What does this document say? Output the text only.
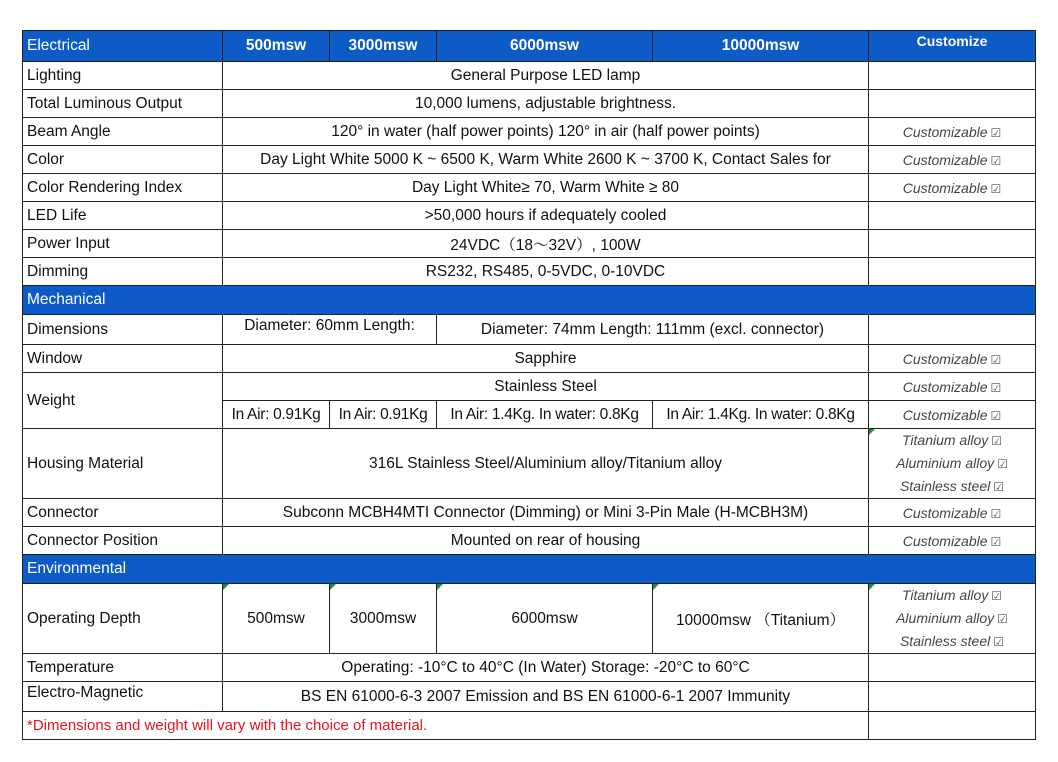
Electrical	500msw	3000msw	6000msw	10000msw	Customize
Lighting	General Purpose LED lamp				
Total Luminous Output	10,000 lumens, adjustable brightness.				
Beam Angle	120° in water (half power points) 120° in air (half power points)				Customizable ☑
Color	Day Light White 5000 K ~ 6500 K, Warm White 2600 K ~ 3700 K, Contact Sales for				Customizable ☑
Color Rendering Index	Day Light White≥ 70, Warm White ≥ 80				Customizable ☑
LED Life	>50,000 hours if adequately cooled				
Power Input	24VDC（18～32V）, 100W				
Dimming	RS232, RS485, 0-5VDC, 0-10VDC				
Mechanical					
Dimensions	Diameter: 60mm Length:		Diameter: 74mm Length: 111mm (excl. connector)		
Window	Sapphire				Customizable ☑
Weight	Stainless Steel				Customizable ☑
	In Air: 0.91Kg	In Air: 0.91Kg	In Air: 1.4Kg. In water: 0.8Kg	In Air: 1.4Kg. In water: 0.8Kg	Customizable ☑
Housing Material	316L Stainless Steel/Aluminium alloy/Titanium alloy				Titanium alloy ☑
Aluminium alloy ☑
Stainless steel ☑

Connector	Subconn MCBH4MTI Connector (Dimming) or Mini 3-Pin Male (H-MCBH3M)				Customizable ☑
Connector Position	Mounted on rear of housing				Customizable ☑
Environmental					
Operating Depth	500msw	3000msw	6000msw	10000msw （Titanium）	Titanium alloy ☑
Aluminium alloy ☑
Stainless steel ☑

Temperature	Operating: -10°C to 40°C (In Water) Storage: -20°C to 60°C				
Electro-Magnetic	BS EN 61000-6-3 2007 Emission and BS EN 61000-6-1 2007 Immunity				
*Dimensions and weight will vary with the choice of material.					
